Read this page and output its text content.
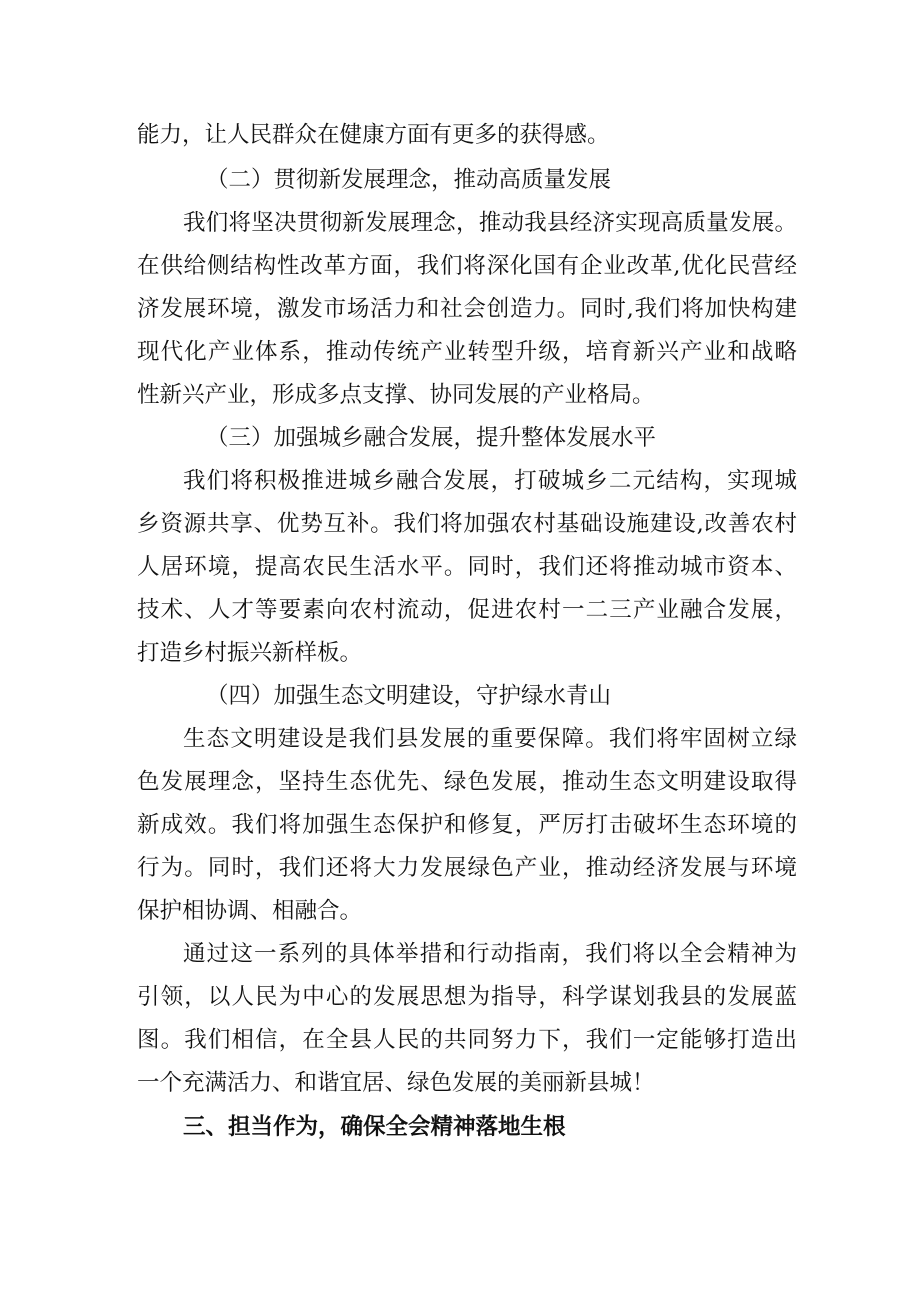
能力，让人民群众在健康方面有更多的获得感。
（二）贯彻新发展理念，推动高质量发展
我们将坚决贯彻新发展理念，推动我县经济实现高质量发展。
在供给侧结构性改革方面，我们将深化国有企业改革,优化民营经
济发展环境，激发市场活力和社会创造力。同时,我们将加快构建
现代化产业体系，推动传统产业转型升级，培育新兴产业和战略
性新兴产业，形成多点支撑、协同发展的产业格局。
（三）加强城乡融合发展，提升整体发展水平
我们将积极推进城乡融合发展，打破城乡二元结构，实现城
乡资源共享、优势互补。我们将加强农村基础设施建设,改善农村
人居环境，提高农民生活水平。同时，我们还将推动城市资本、
技术、人才等要素向农村流动，促进农村一二三产业融合发展，
打造乡村振兴新样板。
（四）加强生态文明建设，守护绿水青山
生态文明建设是我们县发展的重要保障。我们将牢固树立绿
色发展理念，坚持生态优先、绿色发展，推动生态文明建设取得
新成效。我们将加强生态保护和修复，严厉打击破坏生态环境的
行为。同时，我们还将大力发展绿色产业，推动经济发展与环境
保护相协调、相融合。
通过这一系列的具体举措和行动指南，我们将以全会精神为
引领，以人民为中心的发展思想为指导，科学谋划我县的发展蓝
图。我们相信，在全县人民的共同努力下，我们一定能够打造出
一个充满活力、和谐宜居、绿色发展的美丽新县城！
三、担当作为，确保全会精神落地生根
